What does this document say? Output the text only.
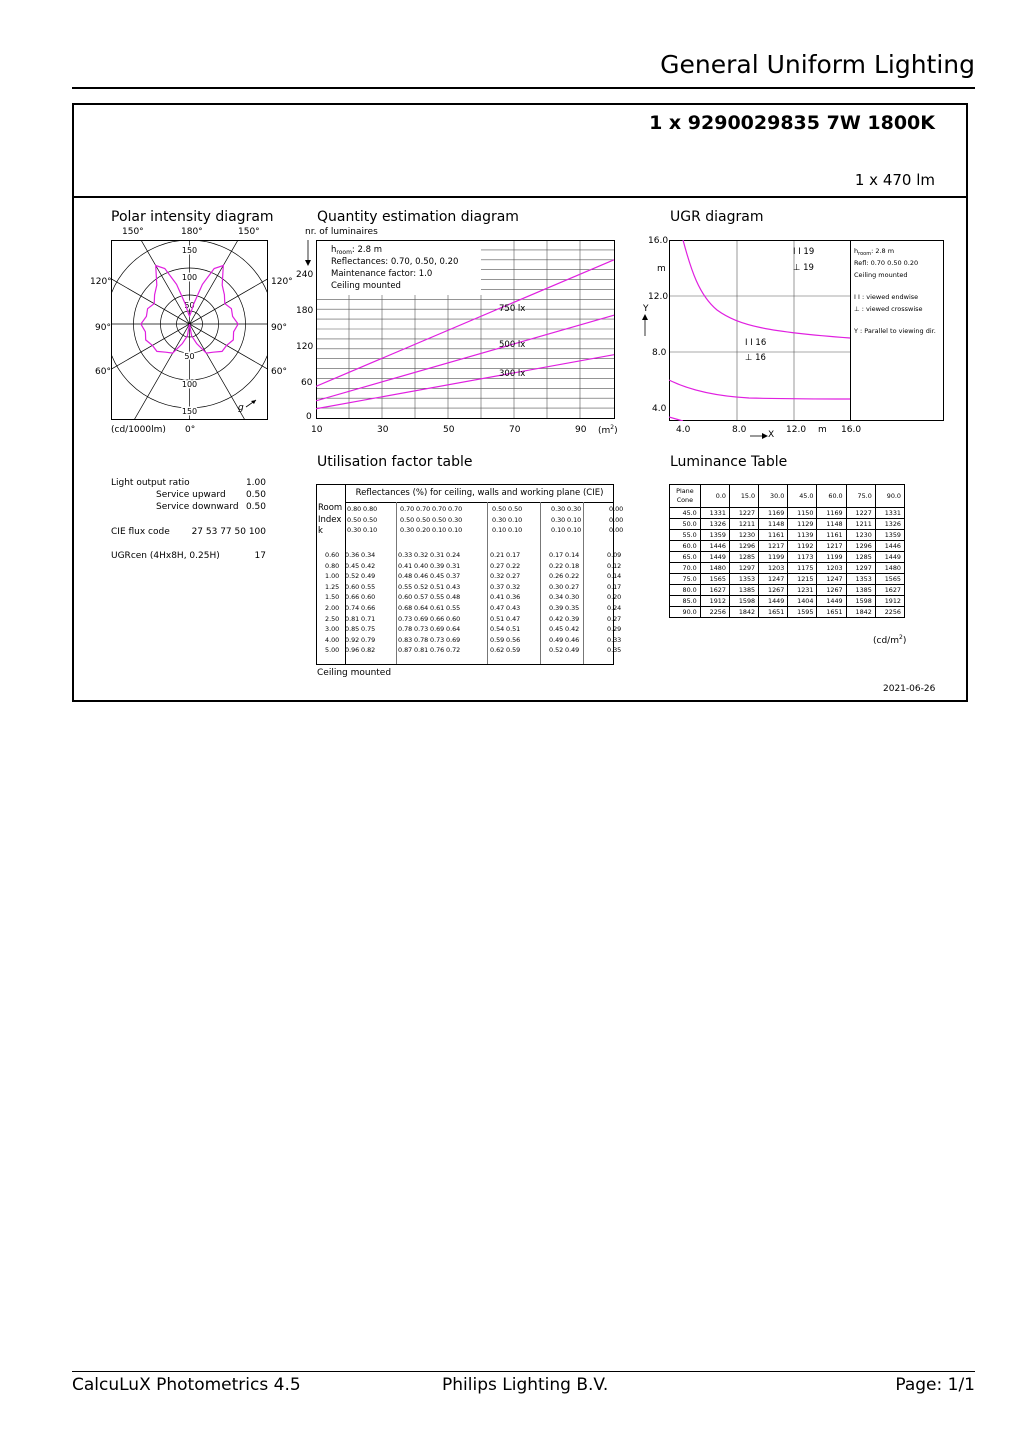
General Uniform Lighting
1 x 9290029835 7W 1800K
1 x 470 lm
Polar intensity diagram
150°	180°	150°
120°	120°
90°	90°
60°	60°
150
100
50
50
100
150	g
(cd/1000lm) 0°
Quantity estimation diagram
nr. of luminaires
$h_{room}$: 2.8 m
Reflectances: 0.70, 0.50, 0.20
Maintenance factor: 1.0
Ceiling mounted
750 lx
500 lx
300 lx
240
180
120
60
0
10	30	50	70	90 $(m^2)$
UGR diagram
16.0
m
12.0
Y
8.0
4.0
I I 19
⊥ 19
I I 16
⊥ 16
$h_{room}$: 2.8 m
Refl: 0.70 0.50 0.20
Ceiling mounted
I I : viewed endwise
⊥ : viewed crosswise
Y : Parallel to viewing dir.
4.0	8.0 X 12.0 m 16.0
Light output ratio	1.00
Service upward 0.50
Service downward 0.50
CIE flux code 27 53 77 50 100
UGRcen (4Hx8H, 0.25H)	17
Utilisation factor table
Reflectances (%) for ceiling, walls and working plane (CIE)
Room
Index
k
0.80 0.80	0.70 0.70 0.70 0.70	0.50 0.50	0.30 0.30	0.00
0.50 0.50	0.50 0.50 0.50 0.30	0.30 0.10	0.30 0.10	0.00
0.30 0.10	0.30 0.20 0.10 0.10	0.10 0.10	0.10 0.10	0.00
0.60 0.36 0.34	0.33 0.32 0.31 0.24	0.21 0.17	0.17 0.14	0.09
0.80 0.45 0.42	0.41 0.40 0.39 0.31	0.27 0.22	0.22 0.18	0.12
1.00 0.52 0.49	0.48 0.46 0.45 0.37	0.32 0.27	0.26 0.22	0.14
1.25 0.60 0.55	0.55 0.52 0.51 0.43	0.37 0.32	0.30 0.27	0.17
1.50 0.66 0.60	0.60 0.57 0.55 0.48	0.41 0.36	0.34 0.30	0.20
2.00 0.74 0.66	0.68 0.64 0.61 0.55	0.47 0.43	0.39 0.35	0.24
2.50 0.81 0.71	0.73 0.69 0.66 0.60	0.51 0.47	0.42 0.39	0.27
3.00 0.85 0.75	0.78 0.73 0.69 0.64	0.54 0.51	0.45 0.42	0.29
4.00 0.92 0.79	0.83 0.78 0.73 0.69	0.59 0.56	0.49 0.46	0.33
5.00 0.96 0.82	0.87 0.81 0.76 0.72	0.62 0.59	0.52 0.49	0.35
Ceiling mounted
Luminance Table
Plane
Cone	0.0	15.0	30.0	45.0	60.0	75.0	90.0
45.0	1331	1227	1169	1150	1169	1227	1331
50.0	1326	1211	1148	1129	1148	1211	1326
55.0	1359	1230	1161	1139	1161	1230	1359
60.0	1446	1296	1217	1192	1217	1296	1446
65.0	1449	1285	1199	1173	1199	1285	1449
70.0	1480	1297	1203	1175	1203	1297	1480
75.0	1565	1353	1247	1215	1247	1353	1565
80.0	1627	1385	1267	1231	1267	1385	1627
85.0	1912	1598	1449	1404	1449	1598	1912
90.0	2256	1842	1651	1595	1651	1842	2256
$(cd/m^2)$
2021-06-26
CalcuLuX Photometrics 4.5	Philips Lighting B.V.	Page: 1/1
